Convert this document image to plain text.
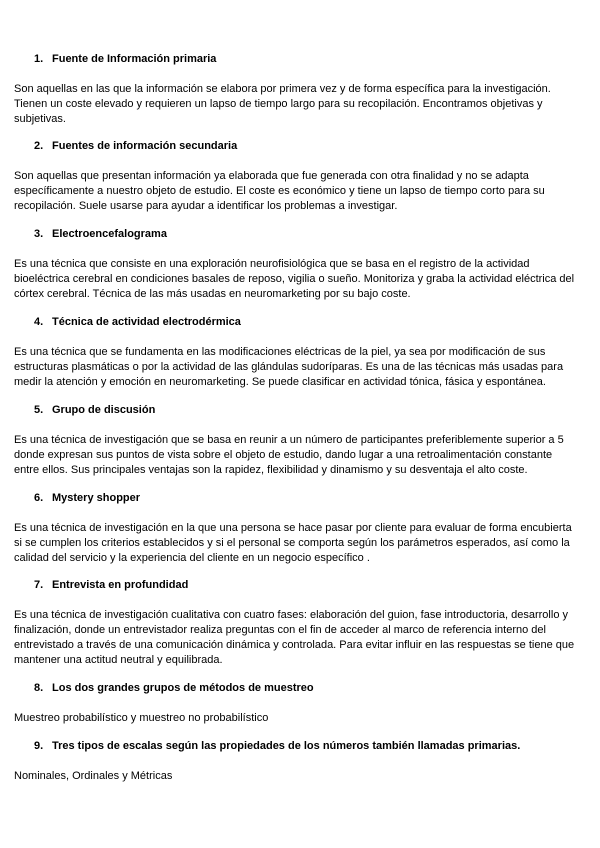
1. Fuente de Información primaria

Son aquellas en las que la información se elabora por primera vez y de forma específica para la investigación. Tienen un coste elevado y requieren un lapso de tiempo largo para su recopilación. Encontramos objetivas y subjetivas.

2. Fuentes de información secundaria

Son aquellas que presentan información ya elaborada que fue generada con otra finalidad y no se adapta específicamente a nuestro objeto de estudio. El coste es económico y tiene un lapso de tiempo corto para su recopilación. Suele usarse para ayudar a identificar los problemas a investigar.

3. Electroencefalograma

Es una técnica que consiste en una exploración neurofisiológica que se basa en el registro de la actividad bioeléctrica cerebral en condiciones basales de reposo, vigilia o sueño. Monitoriza y graba la actividad eléctrica del córtex cerebral. Técnica de las más usadas en neuromarketing por su bajo coste.

4. Técnica de actividad electrodérmica

Es una técnica que se fundamenta en las modificaciones eléctricas de la piel, ya sea por modificación de sus estructuras plasmáticas o por la actividad de las glándulas sudoríparas. Es una de las técnicas más usadas para medir la atención y emoción en neuromarketing. Se puede clasificar en actividad tónica, fásica y espontánea.

5. Grupo de discusión

Es una técnica de investigación que se basa en reunir a un número de participantes preferiblemente superior a 5 donde expresan sus puntos de vista sobre el objeto de estudio, dando lugar a una retroalimentación constante entre ellos. Sus principales ventajas son la rapidez, flexibilidad y dinamismo y su desventaja el alto coste.

6. Mystery shopper

Es una técnica de investigación en la que una persona se hace pasar por cliente para evaluar de forma encubierta si se cumplen los criterios establecidos y si el personal se comporta según los parámetros esperados, así como la calidad del servicio y la experiencia del cliente en un negocio específico .

7. Entrevista en profundidad

Es una técnica de investigación cualitativa con cuatro fases: elaboración del guion, fase introductoria, desarrollo y finalización, donde un entrevistador realiza preguntas con el fin de acceder al marco de referencia interno del entrevistado a través de una comunicación dinámica y controlada. Para evitar influir en las respuestas se tiene que mantener una actitud neutral y equilibrada.

8. Los dos grandes grupos de métodos de muestreo

Muestreo probabilístico y muestreo no probabilístico

9. Tres tipos de escalas según las propiedades de los números también llamadas primarias.

Nominales, Ordinales y Métricas
